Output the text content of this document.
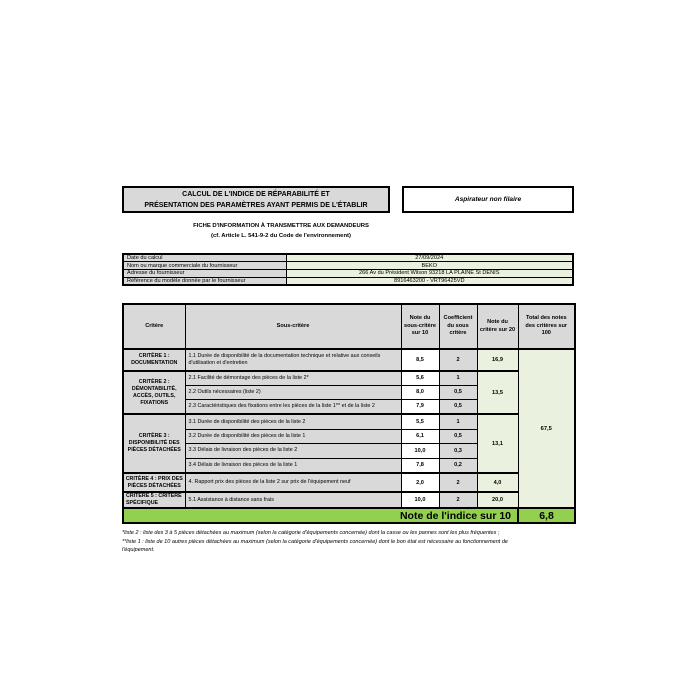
CALCUL DE L'INDICE DE RÉPARABILITÉ ET
PRÉSENTATION DES PARAMÈTRES AYANT PERMIS DE L'ÉTABLIR
Aspirateur non filaire
FICHE D'INFORMATION À TRANSMETTRE AUX DEMANDEURS
(cf. Article L. 541-9-2 du Code de l'environnement)
Date du calcul	27/09/2024
Nom ou marque commerciale du fournisseur	BEKO
Adresse du fournisseur	266 Av du Président Wilson 93218 LA PLAINE St DENIS
Référence du modèle donnée par le fournisseur	8916463200 - VRT96425VD
Critère	Sous-critère	Note du sous-critère sur 10	Coefficient du sous critère	Note du critère sur 20	Total des notes des critères sur 100
CRITÈRE 1 : DOCUMENTATION	1.1 Durée de disponibilité de la documentation technique et relative aux conseils d'utilisation et d'entretien	8,5	2	16,9	67,5
CRITÈRE 2 : DÉMONTABILITÉ, ACCÈS, OUTILS, FIXATIONS	2.1 Facilité de démontage des pièces de la liste 2*	5,6	1	13,5	
	2.2 Outils nécessaires (liste 2)	8,0	0,5		
	2.3 Caractéristiques des fixations entre les pièces de la liste 1** et de la liste 2	7,9	0,5		
CRITÈRE 3 : DISPONIBILITÉ DES PIÈCES DÉTACHÉES	3.1 Durée de disponibilité des pièces de la liste 2	5,5	1	13,1	
	3.2 Durée de disponibilité des pièces de la liste 1	6,1	0,5		
	3.3 Délais de livraison des pièces de la liste 2	10,0	0,3		
	3.4 Délais de livraison des pièces de la liste 1	7,8	0,2		
CRITÈRE 4 : PRIX DES PIÈCES DÉTACHÉES	4. Rapport prix des pièces de la liste 2 sur prix de l'équipement neuf	2,0	2	4,0	
CRITÈRE 5 : CRITÈRE SPÉCIFIQUE	5.1 Assistance à distance sans frais	10,0	2	20,0	
Note de l'indice sur 10					6,8
*liste 2 : liste des 3 à 5 pièces détachées au maximum (selon la catégorie d'équipements concernée) dont la casse ou les pannes sont les plus fréquentes ;
**liste 1 : liste de 10 autres pièces détachées au maximum (selon la catégorie d'équipements concernée) dont le bon état est nécessaire au fonctionnement de
l'équipement.
